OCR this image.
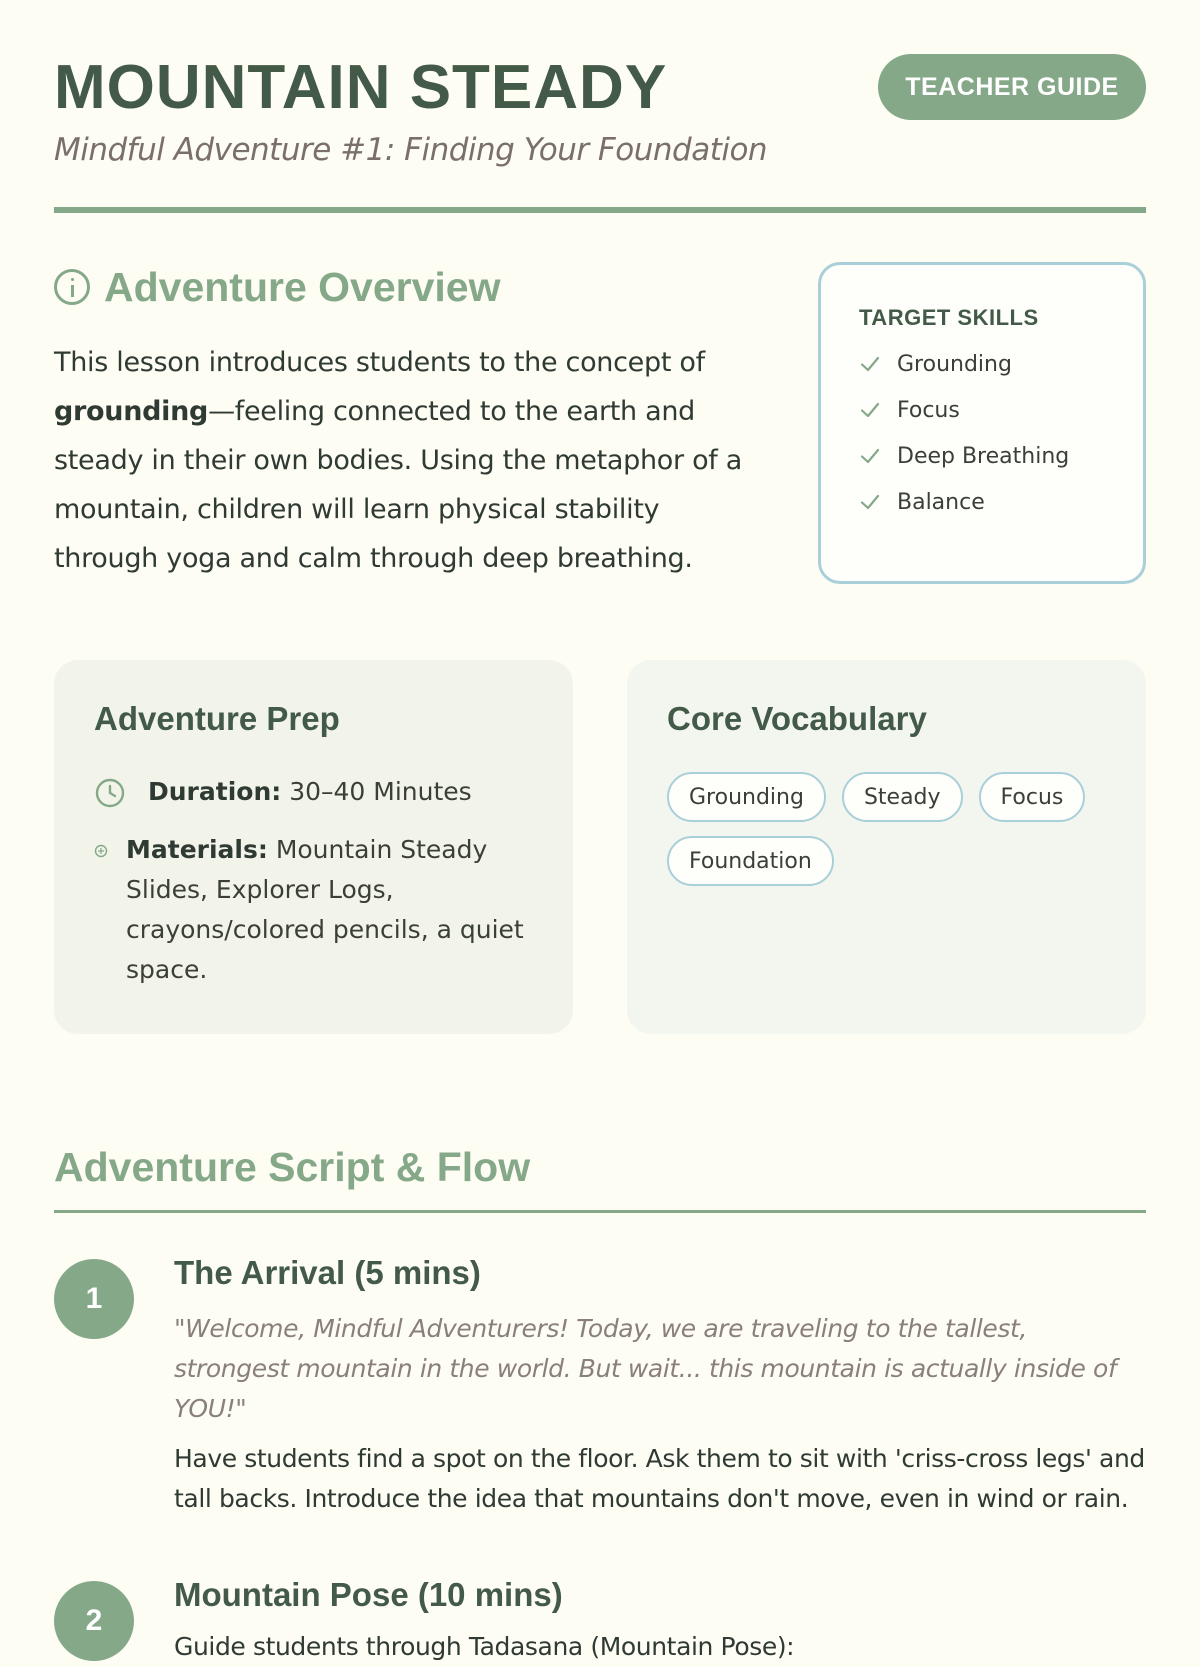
MOUNTAIN STEADY
Mindful Adventure #1: Finding Your Foundation
TEACHER GUIDE
Adventure Overview

This lesson introduces students to the concept of grounding—feeling connected to the earth and steady in their own bodies. Using the metaphor of a mountain, children will learn physical stability through yoga and calm through deep breathing.

TARGET SKILLS
Grounding
Focus
Deep Breathing
Balance
Adventure Prep
Duration: 30–40 Minutes
Materials: Mountain Steady Slides, Explorer Logs, crayons/colored pencils, a quiet space.
Core Vocabulary
Grounding	Steady	Focus
Foundation
Adventure Script & Flow
1
The Arrival (5 mins)

"Welcome, Mindful Adventurers! Today, we are traveling to the tallest, strongest mountain in the world. But wait... this mountain is actually inside of YOU!"

Have students find a spot on the floor. Ask them to sit with 'criss-cross legs' and tall backs. Introduce the idea that mountains don't move, even in wind or rain.

2
Mountain Pose (10 mins)

Guide students through Tadasana (Mountain Pose):
